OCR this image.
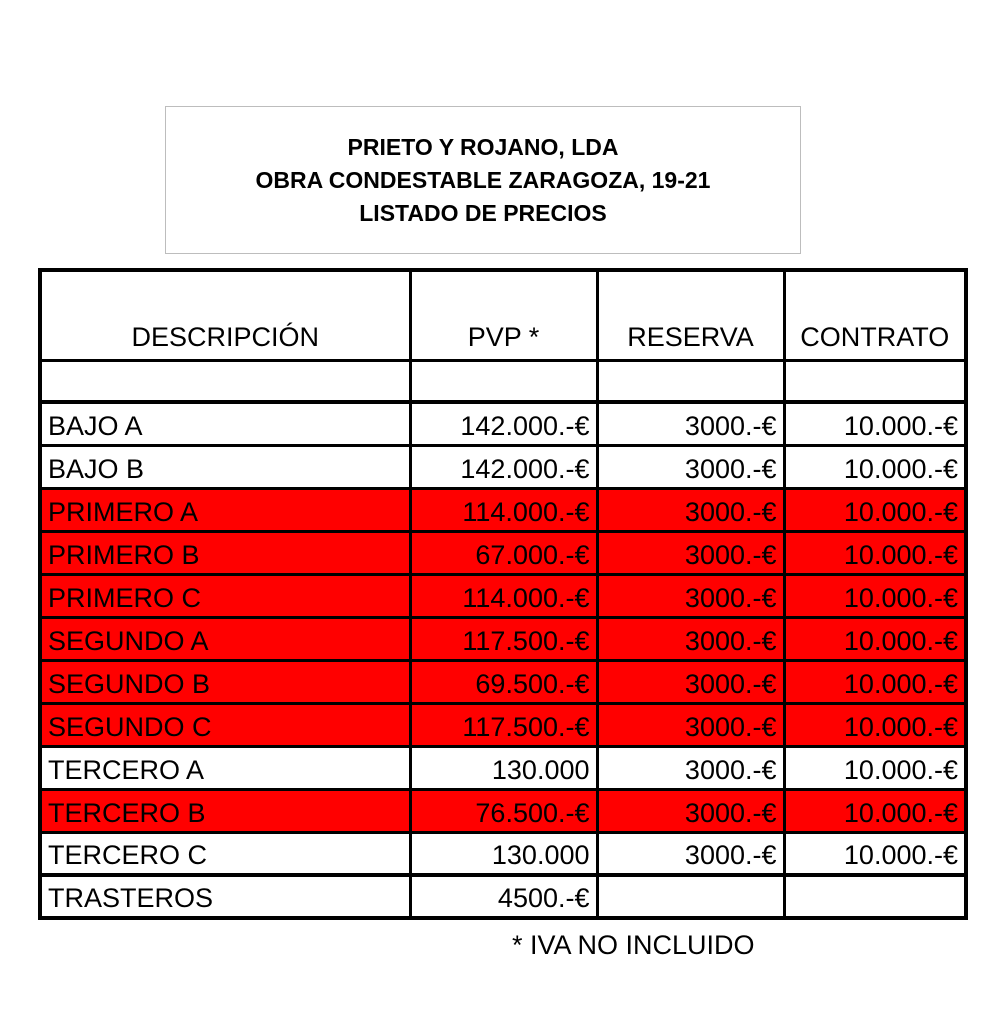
PRIETO Y ROJANO, LDA
OBRA CONDESTABLE ZARAGOZA, 19-21
LISTADO DE PRECIOS
DESCRIPCIÓN	PVP *	RESERVA	CONTRATO

BAJO A	142.000.-€	3000.-€	10.000.-€
BAJO B	142.000.-€	3000.-€	10.000.-€
PRIMERO A	114.000.-€	3000.-€	10.000.-€
PRIMERO B	67.000.-€	3000.-€	10.000.-€
PRIMERO C	114.000.-€	3000.-€	10.000.-€
SEGUNDO A	117.500.-€	3000.-€	10.000.-€
SEGUNDO B	69.500.-€	3000.-€	10.000.-€
SEGUNDO C	117.500.-€	3000.-€	10.000.-€
TERCERO A	130.000	3000.-€	10.000.-€
TERCERO B	76.500.-€	3000.-€	10.000.-€
TERCERO C	130.000	3000.-€	10.000.-€
TRASTEROS	4500.-€		
* IVA NO INCLUIDO
